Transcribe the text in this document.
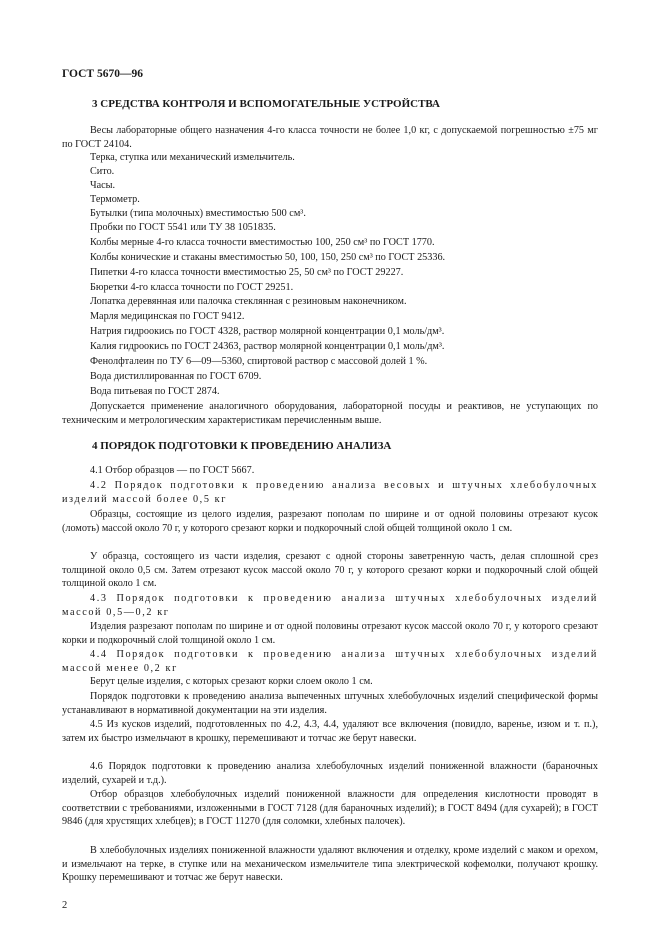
ГОСТ 5670—96
3 СРЕДСТВА КОНТРОЛЯ И ВСПОМОГАТЕЛЬНЫЕ УСТРОЙСТВА
Весы лабораторные общего назначения 4-го класса точности не более 1,0 кг, с допускаемой погрешностью ±75 мг по ГОСТ 24104.
Терка, ступка или механический измельчитель.
Сито.
Часы.
Термометр.
Бутылки (типа молочных) вместимостью 500 см³.
Пробки по ГОСТ 5541 или ТУ 38 1051835.
Колбы мерные 4-го класса точности вместимостью 100, 250 см³ по ГОСТ 1770.
Колбы конические и стаканы вместимостью 50, 100, 150, 250 см³ по ГОСТ 25336.
Пипетки 4-го класса точности вместимостью 25, 50 см³ по ГОСТ 29227.
Бюретки 4-го класса точности по ГОСТ 29251.
Лопатка деревянная или палочка стеклянная с резиновым наконечником.
Марля медицинская по ГОСТ 9412.
Натрия гидроокись по ГОСТ 4328, раствор молярной концентрации 0,1 моль/дм³.
Калия гидроокись по ГОСТ 24363, раствор молярной концентрации 0,1 моль/дм³.
Фенолфталеин по ТУ 6—09—5360, спиртовой раствор с массовой долей 1 %.
Вода дистиллированная по ГОСТ 6709.
Вода питьевая по ГОСТ 2874.
Допускается применение аналогичного оборудования, лабораторной посуды и реактивов, не уступающих по техническим и метрологическим характеристикам перечисленным выше.
4 ПОРЯДОК ПОДГОТОВКИ К ПРОВЕДЕНИЮ АНАЛИЗА
4.1 Отбор образцов — по ГОСТ 5667.
4.2 Порядок подготовки к проведению анализа весовых и штучных хлебобулочных изделий массой более 0,5 кг
Образцы, состоящие из целого изделия, разрезают пополам по ширине и от одной половины отрезают кусок (ломоть) массой около 70 г, у которого срезают корки и подкорочный слой общей толщиной около 1 см.
У образца, состоящего из части изделия, срезают с одной стороны заветренную часть, делая сплошной срез толщиной около 0,5 см. Затем отрезают кусок массой около 70 г, у которого срезают корки и подкорочный слой общей толщиной около 1 см.
4.3 Порядок подготовки к проведению анализа штучных хлебобулочных изделий массой 0,5—0,2 кг
Изделия разрезают пополам по ширине и от одной половины отрезают кусок массой около 70 г, у которого срезают корки и подкорочный слой толщиной около 1 см.
4.4 Порядок подготовки к проведению анализа штучных хлебобулочных изделий массой менее 0,2 кг
Берут целые изделия, с которых срезают корки слоем около 1 см.
Порядок подготовки к проведению анализа выпеченных штучных хлебобулочных изделий специфической формы устанавливают в нормативной документации на эти изделия.
4.5 Из кусков изделий, подготовленных по 4.2, 4.3, 4.4, удаляют все включения (повидло, варенье, изюм и т. п.), затем их быстро измельчают в крошку, перемешивают и тотчас же берут навески.
4.6 Порядок подготовки к проведению анализа хлебобулочных изделий пониженной влажности (бараночных изделий, сухарей и т.д.).
Отбор образцов хлебобулочных изделий пониженной влажности для определения кислотности проводят в соответствии с требованиями, изложенными в ГОСТ 7128 (для бараночных изделий); в ГОСТ 8494 (для сухарей); в ГОСТ 9846 (для хрустящих хлебцев); в ГОСТ 11270 (для соломки, хлебных палочек).
В хлебобулочных изделиях пониженной влажности удаляют включения и отделку, кроме изделий с маком и орехом, и измельчают на терке, в ступке или на механическом измельчителе типа электрической кофемолки, получают крошку. Крошку перемешивают и тотчас же берут навески.
2
